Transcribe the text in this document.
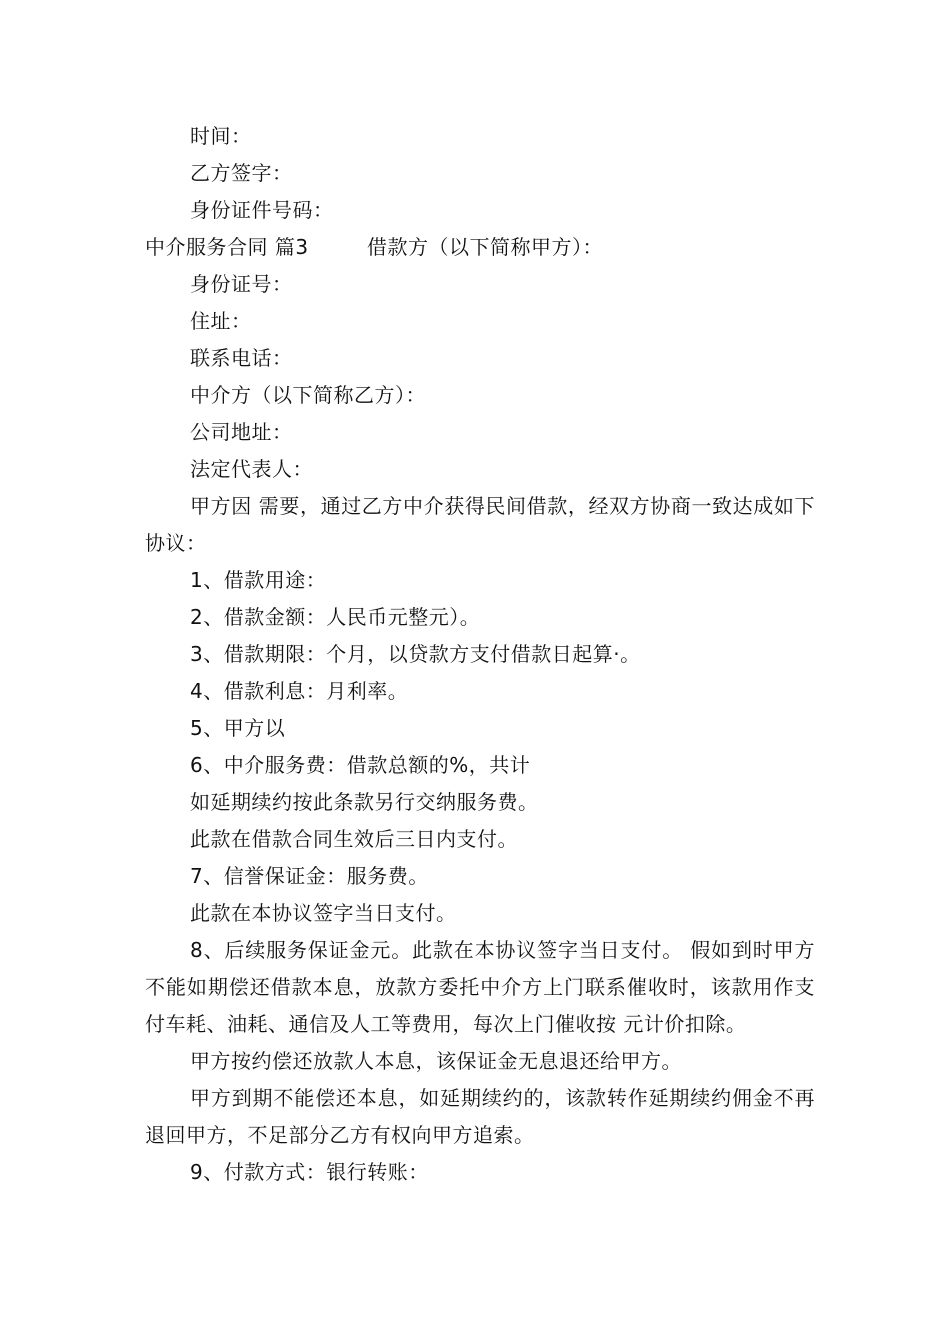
时间：
乙方签字：
身份证件号码：
中介服务合同 篇3	借款方（以下简称甲方）：
身份证号：
住址：
联系电话：
中介方（以下简称乙方）：
公司地址：
法定代表人：
甲方因 需要，通过乙方中介获得民间借款，经双方协商一致达成如下协议：
1、借款用途：
2、借款金额：人民币元整元）。
3、借款期限：个月，以贷款方支付借款日起算·。
4、借款利息：月利率。
5、甲方以
6、中介服务费：借款总额的%，共计
如延期续约按此条款另行交纳服务费。
此款在借款合同生效后三日内支付。
7、信誉保证金：服务费。
此款在本协议签字当日支付。
8、后续服务保证金元。此款在本协议签字当日支付。 假如到时甲方不能如期偿还借款本息，放款方委托中介方上门联系催收时，该款用作支付车耗、油耗、通信及人工等费用，每次上门催收按 元计价扣除。
甲方按约偿还放款人本息，该保证金无息退还给甲方。
甲方到期不能偿还本息，如延期续约的，该款转作延期续约佣金不再退回甲方，不足部分乙方有权向甲方追索。
9、付款方式：银行转账：
